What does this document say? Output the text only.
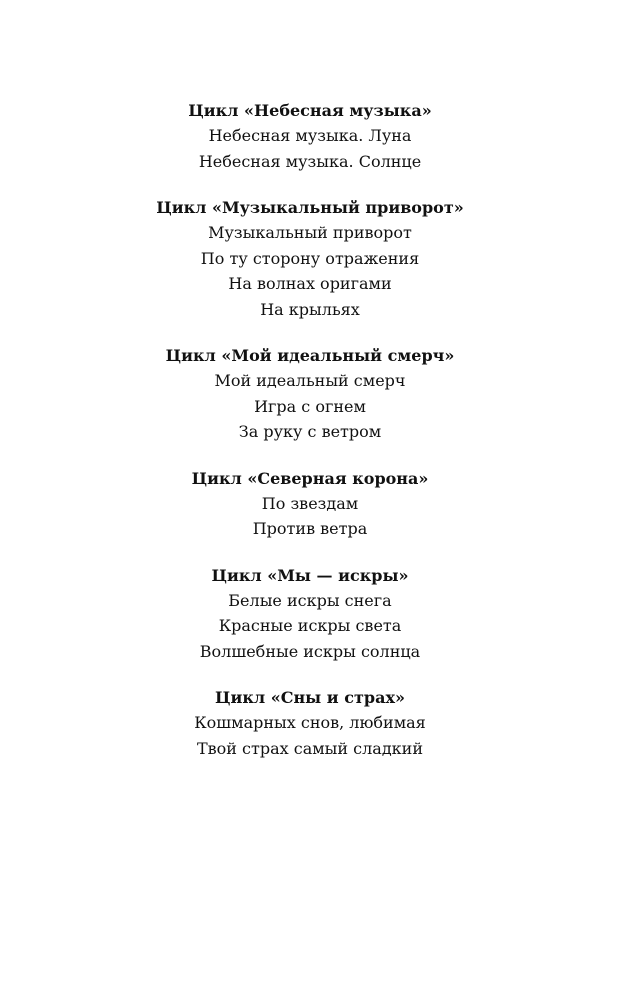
Цикл «Небесная музыка»

Небесная музыка. Луна

Небесная музыка. Солнце

Цикл «Музыкальный приворот»

Музыкальный приворот

По ту сторону отражения

На волнах оригами

На крыльях

Цикл «Мой идеальный смерч»

Мой идеальный смерч

Игра с огнем

За руку с ветром

Цикл «Северная корона»

По звездам

Против ветра

Цикл «Мы — искры»

Белые искры снега

Красные искры света

Волшебные искры солнца

Цикл «Сны и страх»

Кошмарных снов, любимая

Твой страх самый сладкий
